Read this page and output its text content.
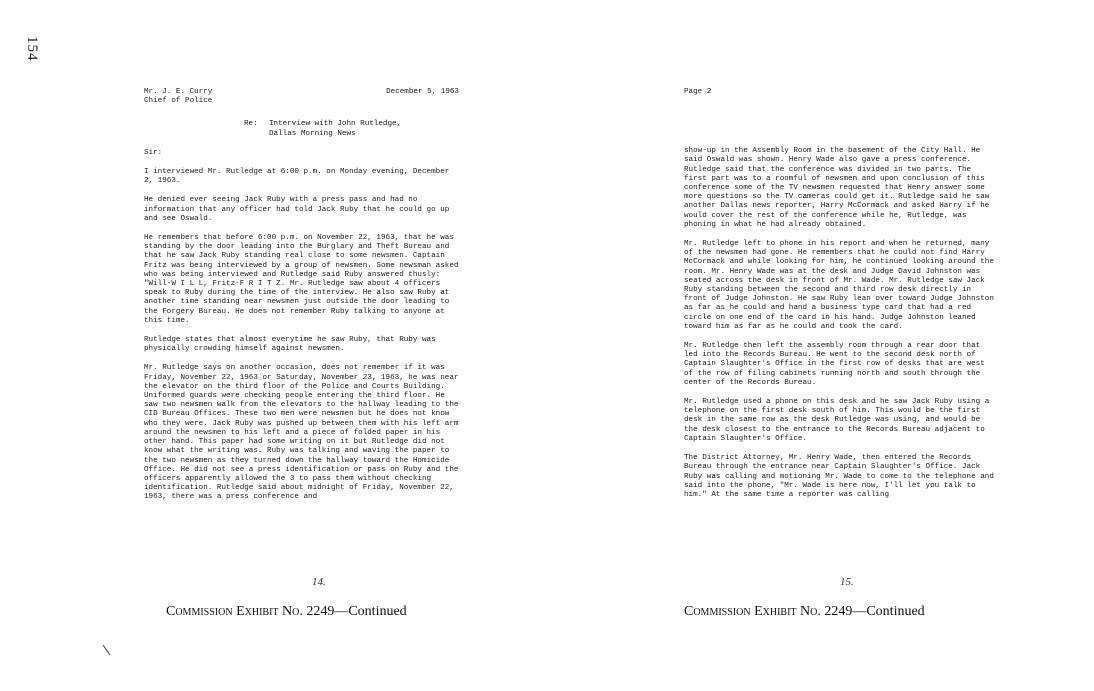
154
Mr. J. E. Curry
Chief of Police
December 5, 1963
Re:	Interview with John Rutledge,
Dallas Morning News
Sir:

I interviewed Mr. Rutledge at 6:00 p.m. on Monday evening, December 2, 1963.

He denied ever seeing Jack Ruby with a press pass and had no information that any officer had told Jack Ruby that he could go up and see Oswald.

He remembers that before 6:00 p.m. on November 22, 1963, that he was standing by the door leading into the Burglary and Theft Bureau and that he saw Jack Ruby standing real close to some newsmen. Captain Fritz was being interviewed by a group of newsmen. Some newsman asked who was being interviewed and Rutledge said Ruby answered thusly: "Will-W I L L, Fritz-F R I T Z. Mr. Rutledge saw about 4 officers speak to Ruby during the time of the interview. He also saw Ruby at another time standing near newsmen just outside the door leading to the Forgery Bureau. He does not remember Ruby talking to anyone at this time.

Rutledge states that almost everytime he saw Ruby, that Ruby was physically crowding himself against newsmen.

Mr. Rutledge says on another occasion, does not remember if it was Friday, November 22, 1963 or Saturday, November 23, 1963, he was near the elevator on the third floor of the Police and Courts Building. Uniformed guards were checking people entering the third floor. He saw two newsmen walk from the elevators to the hallway leading to the CID Bureau Offices. These two men were newsmen but he does not know who they were. Jack Ruby was pushed up between them with his left arm around the newsmen to his left and a piece of folded paper in his other hand. This paper had some writing on it but Rutledge did not know what the writing was. Ruby was talking and waving the paper to the two newsmen as they turned down the hallway toward the Homicide Office. He did not see a press identification or pass on Ruby and the officers apparently allowed the 3 to pass them without checking identification. Rutledge said about midnight of Friday, November 22, 1963, there was a press conference and

14.
Commission Exhibit No. 2249—Continued
Page 2

show-up in the Assembly Room in the basement of the City Hall. He said Oswald was shown. Henry Wade also gave a press conference. Rutledge said that the conference was divided in two parts. The first part was to a roomful of newsmen and upon conclusion of this conference some of the TV newsmen requested that Henry answer some more questions so the TV cameras could get it. Rutledge said he saw another Dallas news reporter, Harry McCormack and asked Harry if he would cover the rest of the conference while he, Rutledge, was phoning in what he had already obtained.

Mr. Rutledge left to phone in his report and when he returned, many of the newsmen had gone. He remembers that he could not find Harry McCormack and while looking for him, he continued looking around the room. Mr. Henry Wade was at the desk and Judge David Johnston was seated across the desk in front of Mr. Wade. Mr. Rutledge saw Jack Ruby standing between the second and third row desk directly in front of Judge Johnston. He saw Ruby lean over toward Judge Johnston as far as he could and hand a business type card that had a red circle on one end of the card in his hand. Judge Johnston leaned toward him as far as he could and took the card.

Mr. Rutledge then left the assembly room through a rear door that led into the Records Bureau. He went to the second desk north of Captain Slaughter's Office in the first row of desks that are west of the row of filing cabinets running north and south through the center of the Records Bureau.

Mr. Rutledge used a phone on this desk and he saw Jack Ruby using a telephone on the first desk south of him. This would be the first desk in the same row as the desk Rutledge was using, and would be the desk closest to the entrance to the Records Bureau adjacent to Captain Slaughter's Office.

The District Attorney, Mr. Henry Wade, then entered the Records Bureau through the entrance near Captain Slaughter's Office. Jack Ruby was calling and motioning Mr. Wade to come to the telephone and said into the phone, "Mr. Wade is here now, I'll let you talk to him." At the same time a reporter was calling

15.
Commission Exhibit No. 2249—Continued
